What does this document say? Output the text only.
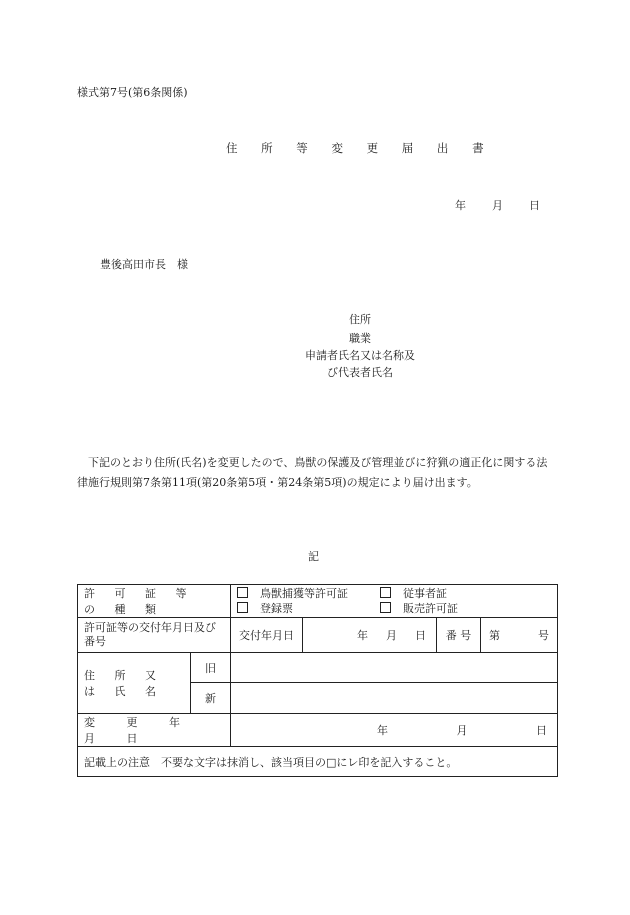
様式第7号(第6条関係)
住 所 等 変 更 届 出 書
年 月 日
豊後高田市長　様
住所
職業
申請者氏名又は名称及
び代表者氏名
下記のとおり住所(氏名)を変更したので、鳥獣の保護及び管理並びに狩猟の適正化に関する法律施行規則第7条第11項(第20条第5項・第24条第5項)の規定により届け出ます。
記
許 可 証 等 の 種 類		鳥獣捕獲等許可証 従事者証
登録票 販売許可証			

許可証等の交付年月日及び番号		交付年月日	年 月 日	番 号	第 号

住 所 又 は 氏 名	旧				
	新				
変 更 年 月 日		年 月 日			

記載上の注意　不要な文字は抹消し、該当項目の□にレ印を記入すること。					
